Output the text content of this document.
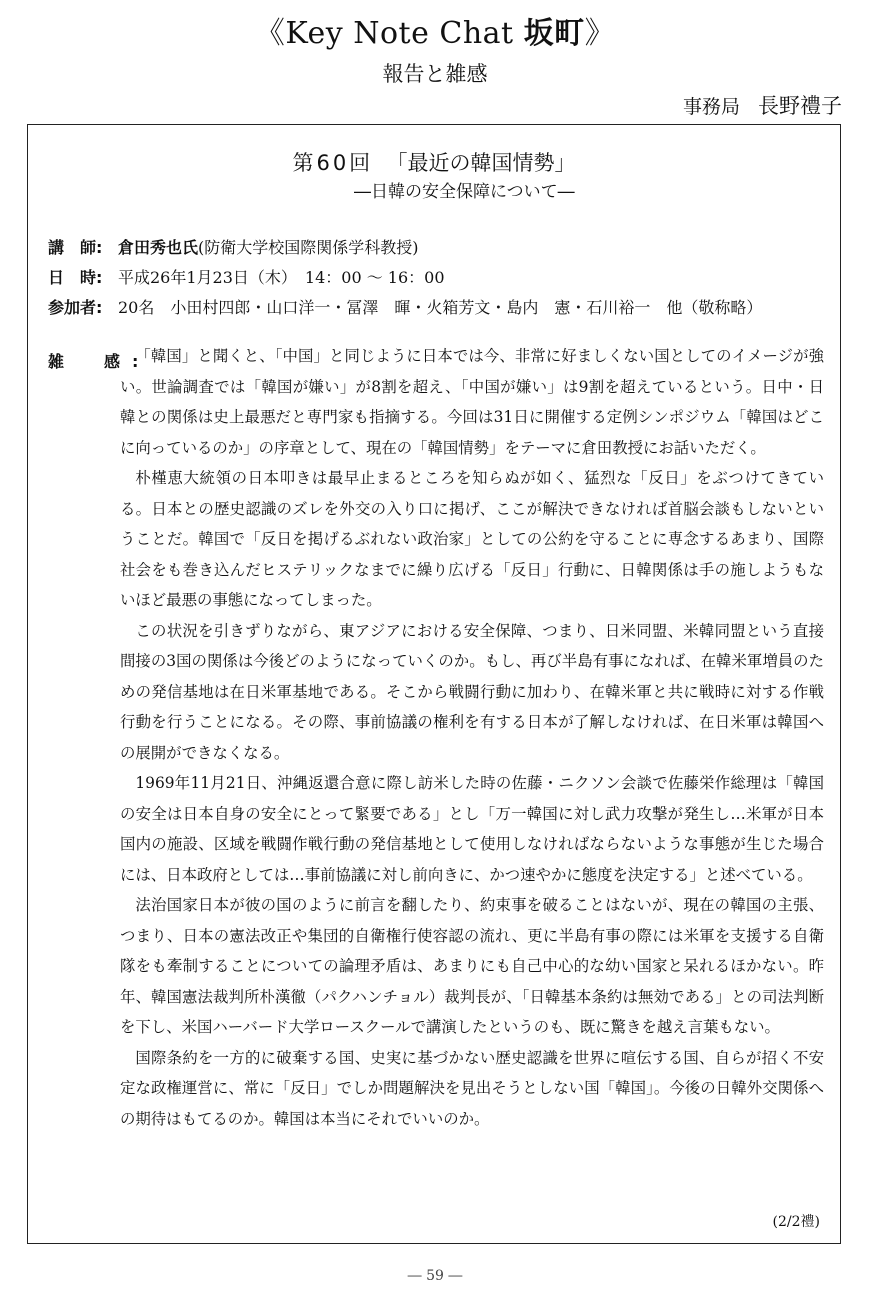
《Key Note Chat 坂町》
報告と雑感
事務局 長野禮子
第60回 「最近の韓国情勢」
―日韓の安全保障について―
講　師: 倉田秀也氏(防衛大学校国際関係学科教授)
日　時: 平成26年1月23日（木）　14：00 ～ 16：00
参加者: 20名　小田村四郎・山口洋一・冨澤　暉・火箱芳文・島内　憲・石川裕一　他（敬称略）
雑　感:

「韓国」と聞くと、「中国」と同じように日本では今、非常に好ましくない国としてのイメージが強い。世論調査では「韓国が嫌い」が8割を超え、「中国が嫌い」は9割を超えているという。日中・日韓との関係は史上最悪だと専門家も指摘する。今回は31日に開催する定例シンポジウム「韓国はどこに向っているのか」の序章として、現在の「韓国情勢」をテーマに倉田教授にお話いただく。

朴槿恵大統領の日本叩きは最早止まるところを知らぬが如く、猛烈な「反日」をぶつけてきている。日本との歴史認識のズレを外交の入り口に掲げ、ここが解決できなければ首脳会談もしないということだ。韓国で「反日を掲げるぶれない政治家」としての公約を守ることに専念するあまり、国際社会をも巻き込んだヒステリックなまでに繰り広げる「反日」行動に、日韓関係は手の施しようもないほど最悪の事態になってしまった。

この状況を引きずりながら、東アジアにおける安全保障、つまり、日米同盟、米韓同盟という直接間接の3国の関係は今後どのようになっていくのか。もし、再び半島有事になれば、在韓米軍増員のための発信基地は在日米軍基地である。そこから戦闘行動に加わり、在韓米軍と共に戦時に対する作戦行動を行うことになる。その際、事前協議の権利を有する日本が了解しなければ、在日米軍は韓国への展開ができなくなる。

1969年11月21日、沖縄返還合意に際し訪米した時の佐藤・ニクソン会談で佐藤栄作総理は「韓国の安全は日本自身の安全にとって緊要である」とし「万一韓国に対し武力攻撃が発生し…米軍が日本国内の施設、区域を戦闘作戦行動の発信基地として使用しなければならないような事態が生じた場合には、日本政府としては…事前協議に対し前向きに、かつ速やかに態度を決定する」と述べている。

法治国家日本が彼の国のように前言を翻したり、約束事を破ることはないが、現在の韓国の主張、つまり、日本の憲法改正や集団的自衛権行使容認の流れ、更に半島有事の際には米軍を支援する自衛隊をも牽制することについての論理矛盾は、あまりにも自己中心的な幼い国家と呆れるほかない。昨年、韓国憲法裁判所朴漢徹（パクハンチョル）裁判長が、「日韓基本条約は無効である」との司法判断を下し、米国ハーバード大学ロースクールで講演したというのも、既に驚きを越え言葉もない。

国際条約を一方的に破棄する国、史実に基づかない歴史認識を世界に喧伝する国、自らが招く不安定な政権運営に、常に「反日」でしか問題解決を見出そうとしない国「韓国」。今後の日韓外交関係への期待はもてるのか。韓国は本当にそれでいいのか。

(2/2禮)
― 59 ―
